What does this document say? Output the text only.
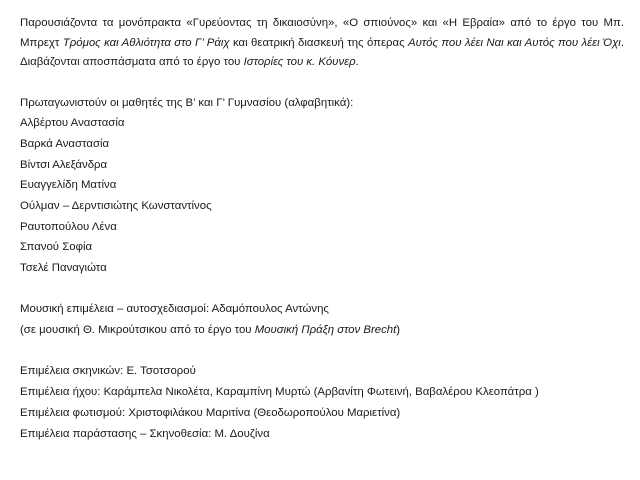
Παρουσιάζοντα τα μονόπρακτα «Γυρεύοντας τη δικαιοσύνη», «Ο σπιούνος» και «Η Εβραία» από το έργο του Μπ. Μπρεχτ Τρόμος και Αθλιότητα στο Γ’ Ράιχ και θεατρική διασκευή της όπερας Αυτός που λέει Ναι και Αυτός που λέει Όχι. Διαβάζονται αποσπάσματα από το έργο του Ιστορίες του κ. Κόυνερ.

Πρωταγωνιστούν οι μαθητές της Β’ και Γ’ Γυμνασίου (αλφαβητικά):
Αλβέρτου Αναστασία
Βαρκά Αναστασία
Βίντσι Αλεξάνδρα
Ευαγγελίδη Ματίνα
Ούλμαν – Δερντισιώτης Κωνσταντίνος
Ραυτοπούλου Λένα
Σπανού Σοφία
Τσελέ Παναγιώτα
Μουσική επιμέλεια – αυτοσχεδιασμοί: Αδαμόπουλος Αντώνης
(σε μουσική Θ. Μικρούτσικου από το έργο του Μουσική Πράξη στον Brecht)
Επιμέλεια σκηνικών: Ε. Τσοτσορού
Επιμέλεια ήχου: Καράμπελα Νικολέτα, Καραμπίνη Μυρτώ (Αρβανίτη Φωτεινή, Βαβαλέρου Κλεοπάτρα )
Επιμέλεια φωτισμού: Χριστοφιλάκου Μαριτίνα (Θεοδωροπούλου Μαριετίνα)
Επιμέλεια παράστασης – Σκηνοθεσία: Μ. Δουζίνα
